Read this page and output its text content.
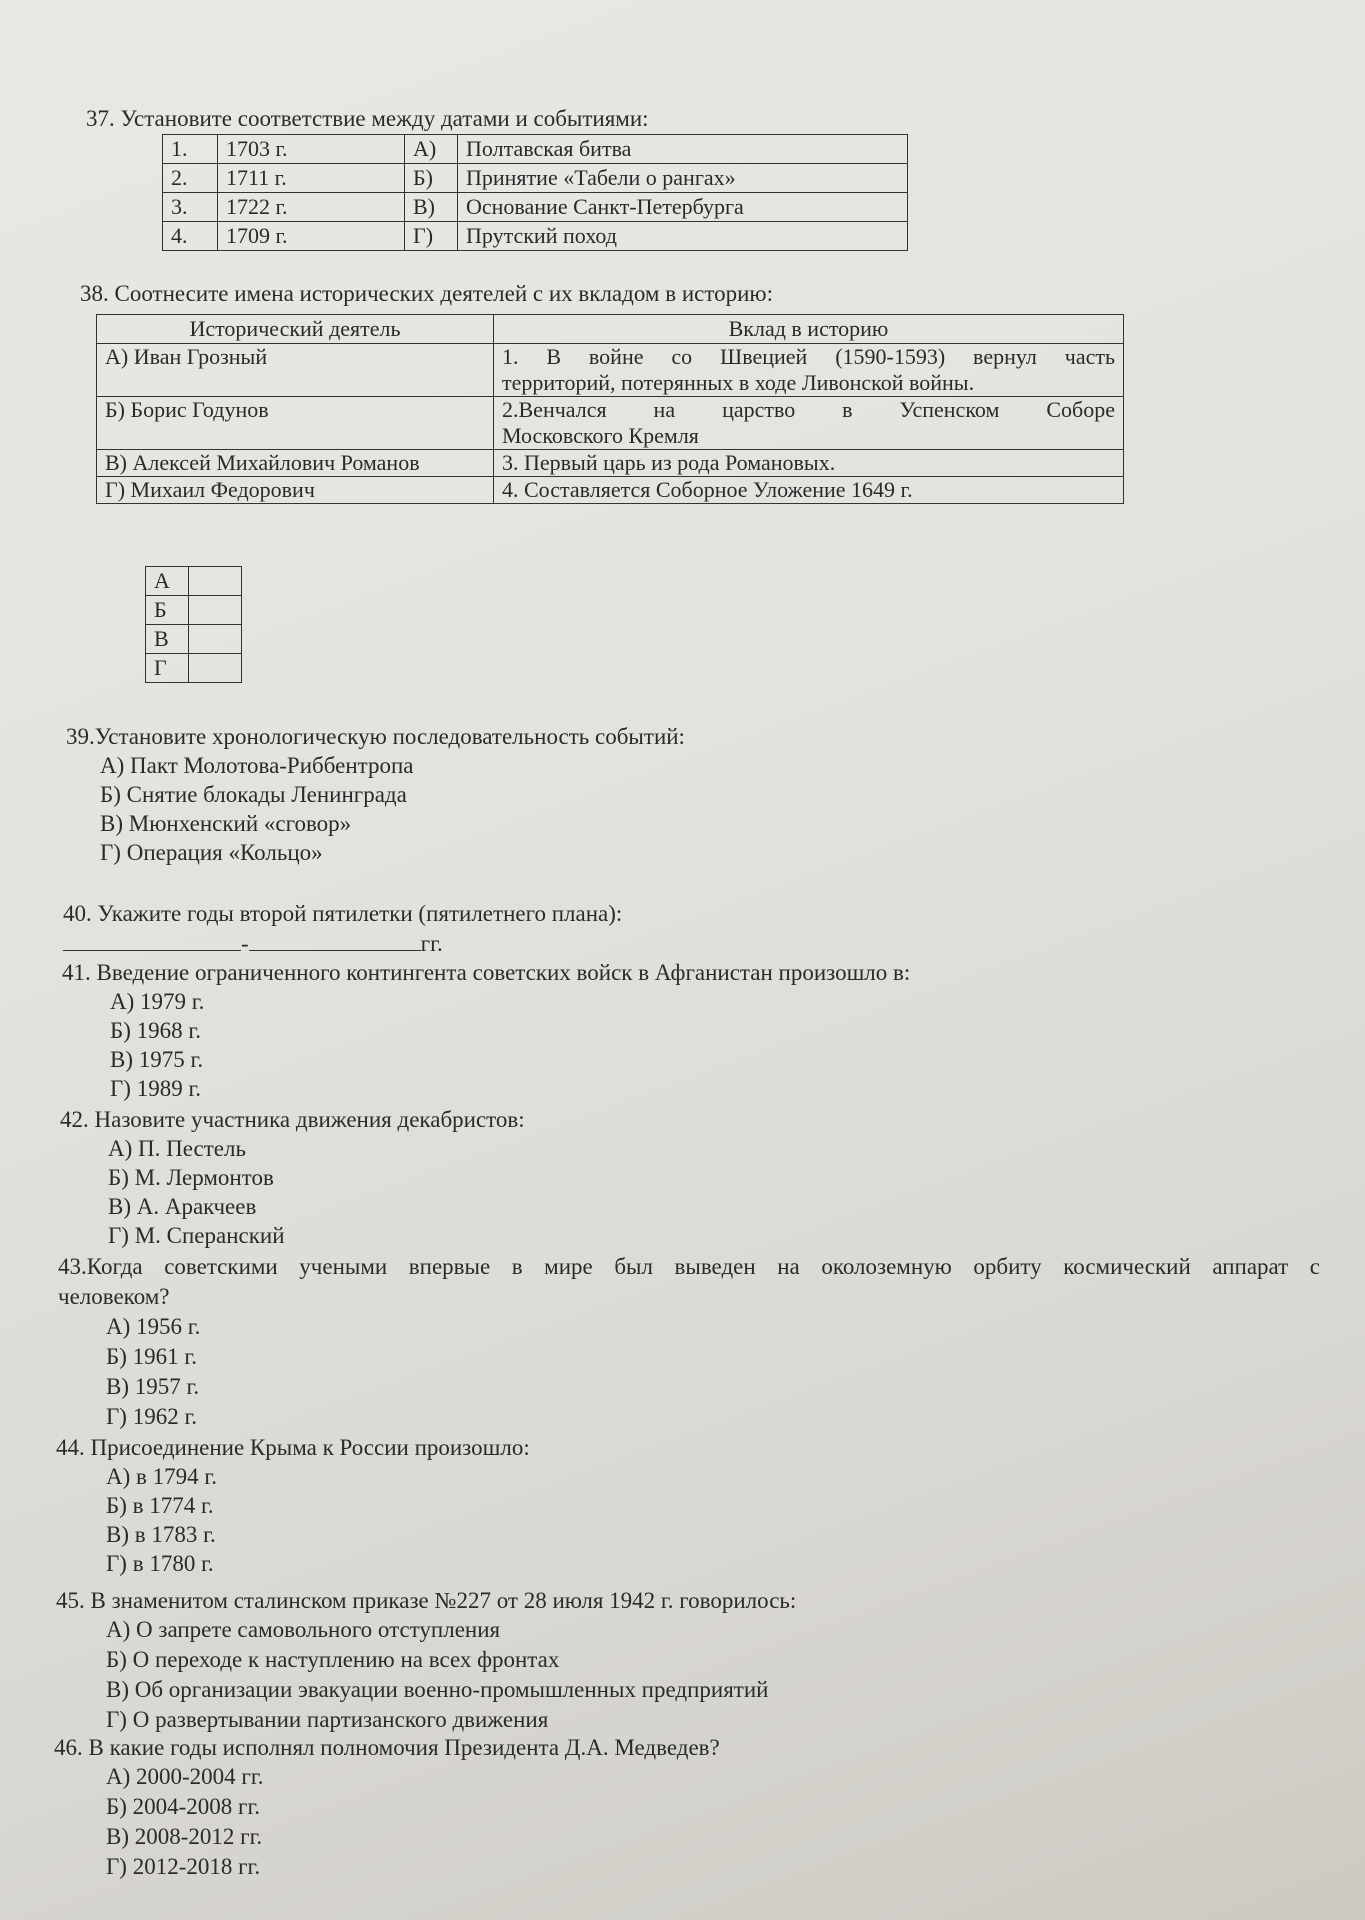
37. Установите соответствие между датами и событиями:
1.	1703 г.	А)	Полтавская битва
2.	1711 г.	Б)	Принятие «Табели о рангах»
3.	1722 г.	В)	Основание Санкт-Петербурга
4.	1709 г.	Г)	Прутский поход
38. Соотнесите имена исторических деятелей с их вкладом в историю:
Исторический деятель	Вклад в историю
А) Иван Грозный	1. В войне со Швецией (1590-1593) вернул часть
территорий, потерянных в ходе Ливонской войны.

Б) Борис Годунов	2.Венчался на царство в Успенском Соборе
Московского Кремля

В) Алексей Михайлович Романов	3. Первый царь из рода Романовых.
Г) Михаил Федорович	4. Составляется Соборное Уложение 1649 г.
А	
Б	
В	
Г	
39.Установите хронологическую последовательность событий:
А) Пакт Молотова-Риббентропа
Б) Снятие блокады Ленинграда
В) Мюнхенский «сговор»
Г) Операция «Кольцо»
40. Укажите годы второй пятилетки (пятилетнего плана):
-	гг.
41. Введение ограниченного контингента советских войск в Афганистан произошло в:
А) 1979 г.
Б) 1968 г.
В) 1975 г.
Г) 1989 г.
42. Назовите участника движения декабристов:
А) П. Пестель
Б) М. Лермонтов
В) А. Аракчеев
Г) М. Сперанский
43.Когда советскими учеными впервые в мире был выведен на околоземную орбиту космический аппарат с
человеком?
А) 1956 г.
Б) 1961 г.
В) 1957 г.
Г) 1962 г.
44. Присоединение Крыма к России произошло:
А) в 1794 г.
Б) в 1774 г.
В) в 1783 г.
Г) в 1780 г.
45. В знаменитом сталинском приказе №227 от 28 июля 1942 г. говорилось:
А) О запрете самовольного отступления
Б) О переходе к наступлению на всех фронтах
В) Об организации эвакуации военно-промышленных предприятий
Г) О развертывании партизанского движения
46. В какие годы исполнял полномочия Президента Д.А. Медведев?
А) 2000-2004 гг.
Б) 2004-2008 гг.
В) 2008-2012 гг.
Г) 2012-2018 гг.
